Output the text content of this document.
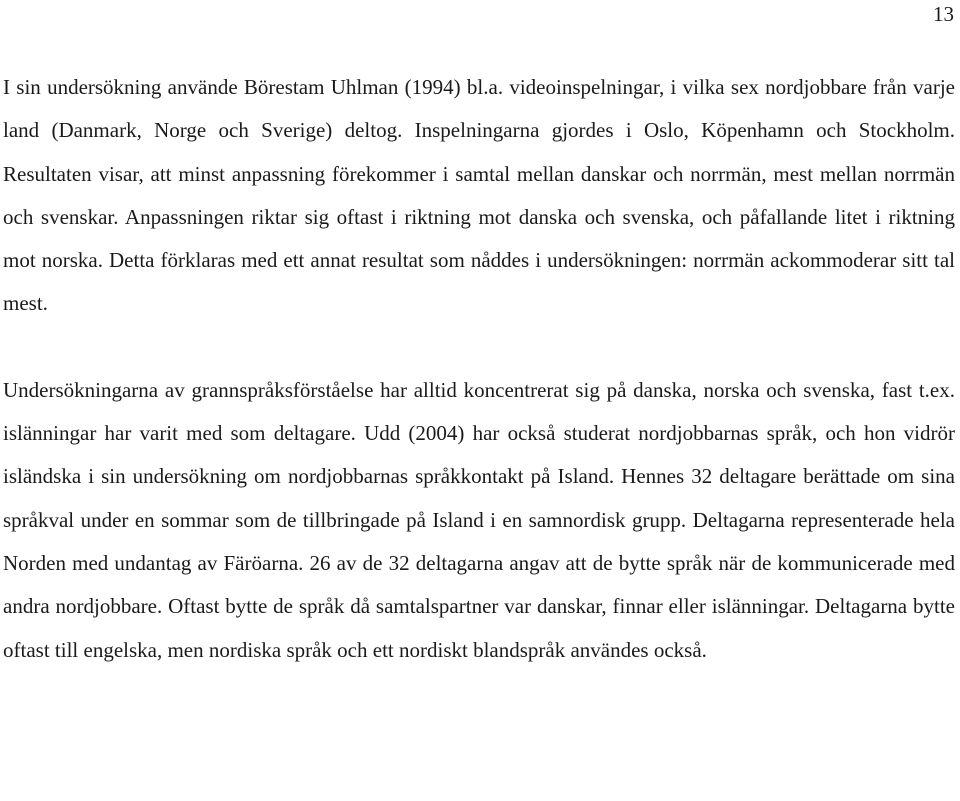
13

I sin undersökning använde Börestam Uhlman (1994) bl.a. videoinspelningar, i vilka sex nordjobbare från varje land (Danmark, Norge och Sverige) deltog. Inspelningarna gjordes i Oslo, Köpenhamn och Stockholm. Resultaten visar, att minst anpassning förekommer i samtal mellan danskar och norrmän, mest mellan norrmän och svenskar. Anpassningen riktar sig oftast i riktning mot danska och svenska, och påfallande litet i riktning mot norska. Detta förklaras med ett annat resultat som nåddes i undersökningen: norrmän ackommoderar sitt tal mest.

Undersökningarna av grannspråksförståelse har alltid koncentrerat sig på danska, norska och svenska, fast t.ex. islänningar har varit med som deltagare. Udd (2004) har också studerat nordjobbarnas språk, och hon vidrör isländska i sin undersökning om nordjobbarnas språkkontakt på Island. Hennes 32 deltagare berättade om sina språkval under en sommar som de tillbringade på Island i en samnordisk grupp. Deltagarna representerade hela Norden med undantag av Färöarna. 26 av de 32 deltagarna angav att de bytte språk när de kommunicerade med andra nordjobbare. Oftast bytte de språk då samtalspartner var danskar, finnar eller islänningar. Deltagarna bytte oftast till engelska, men nordiska språk och ett nordiskt blandspråk användes också.
